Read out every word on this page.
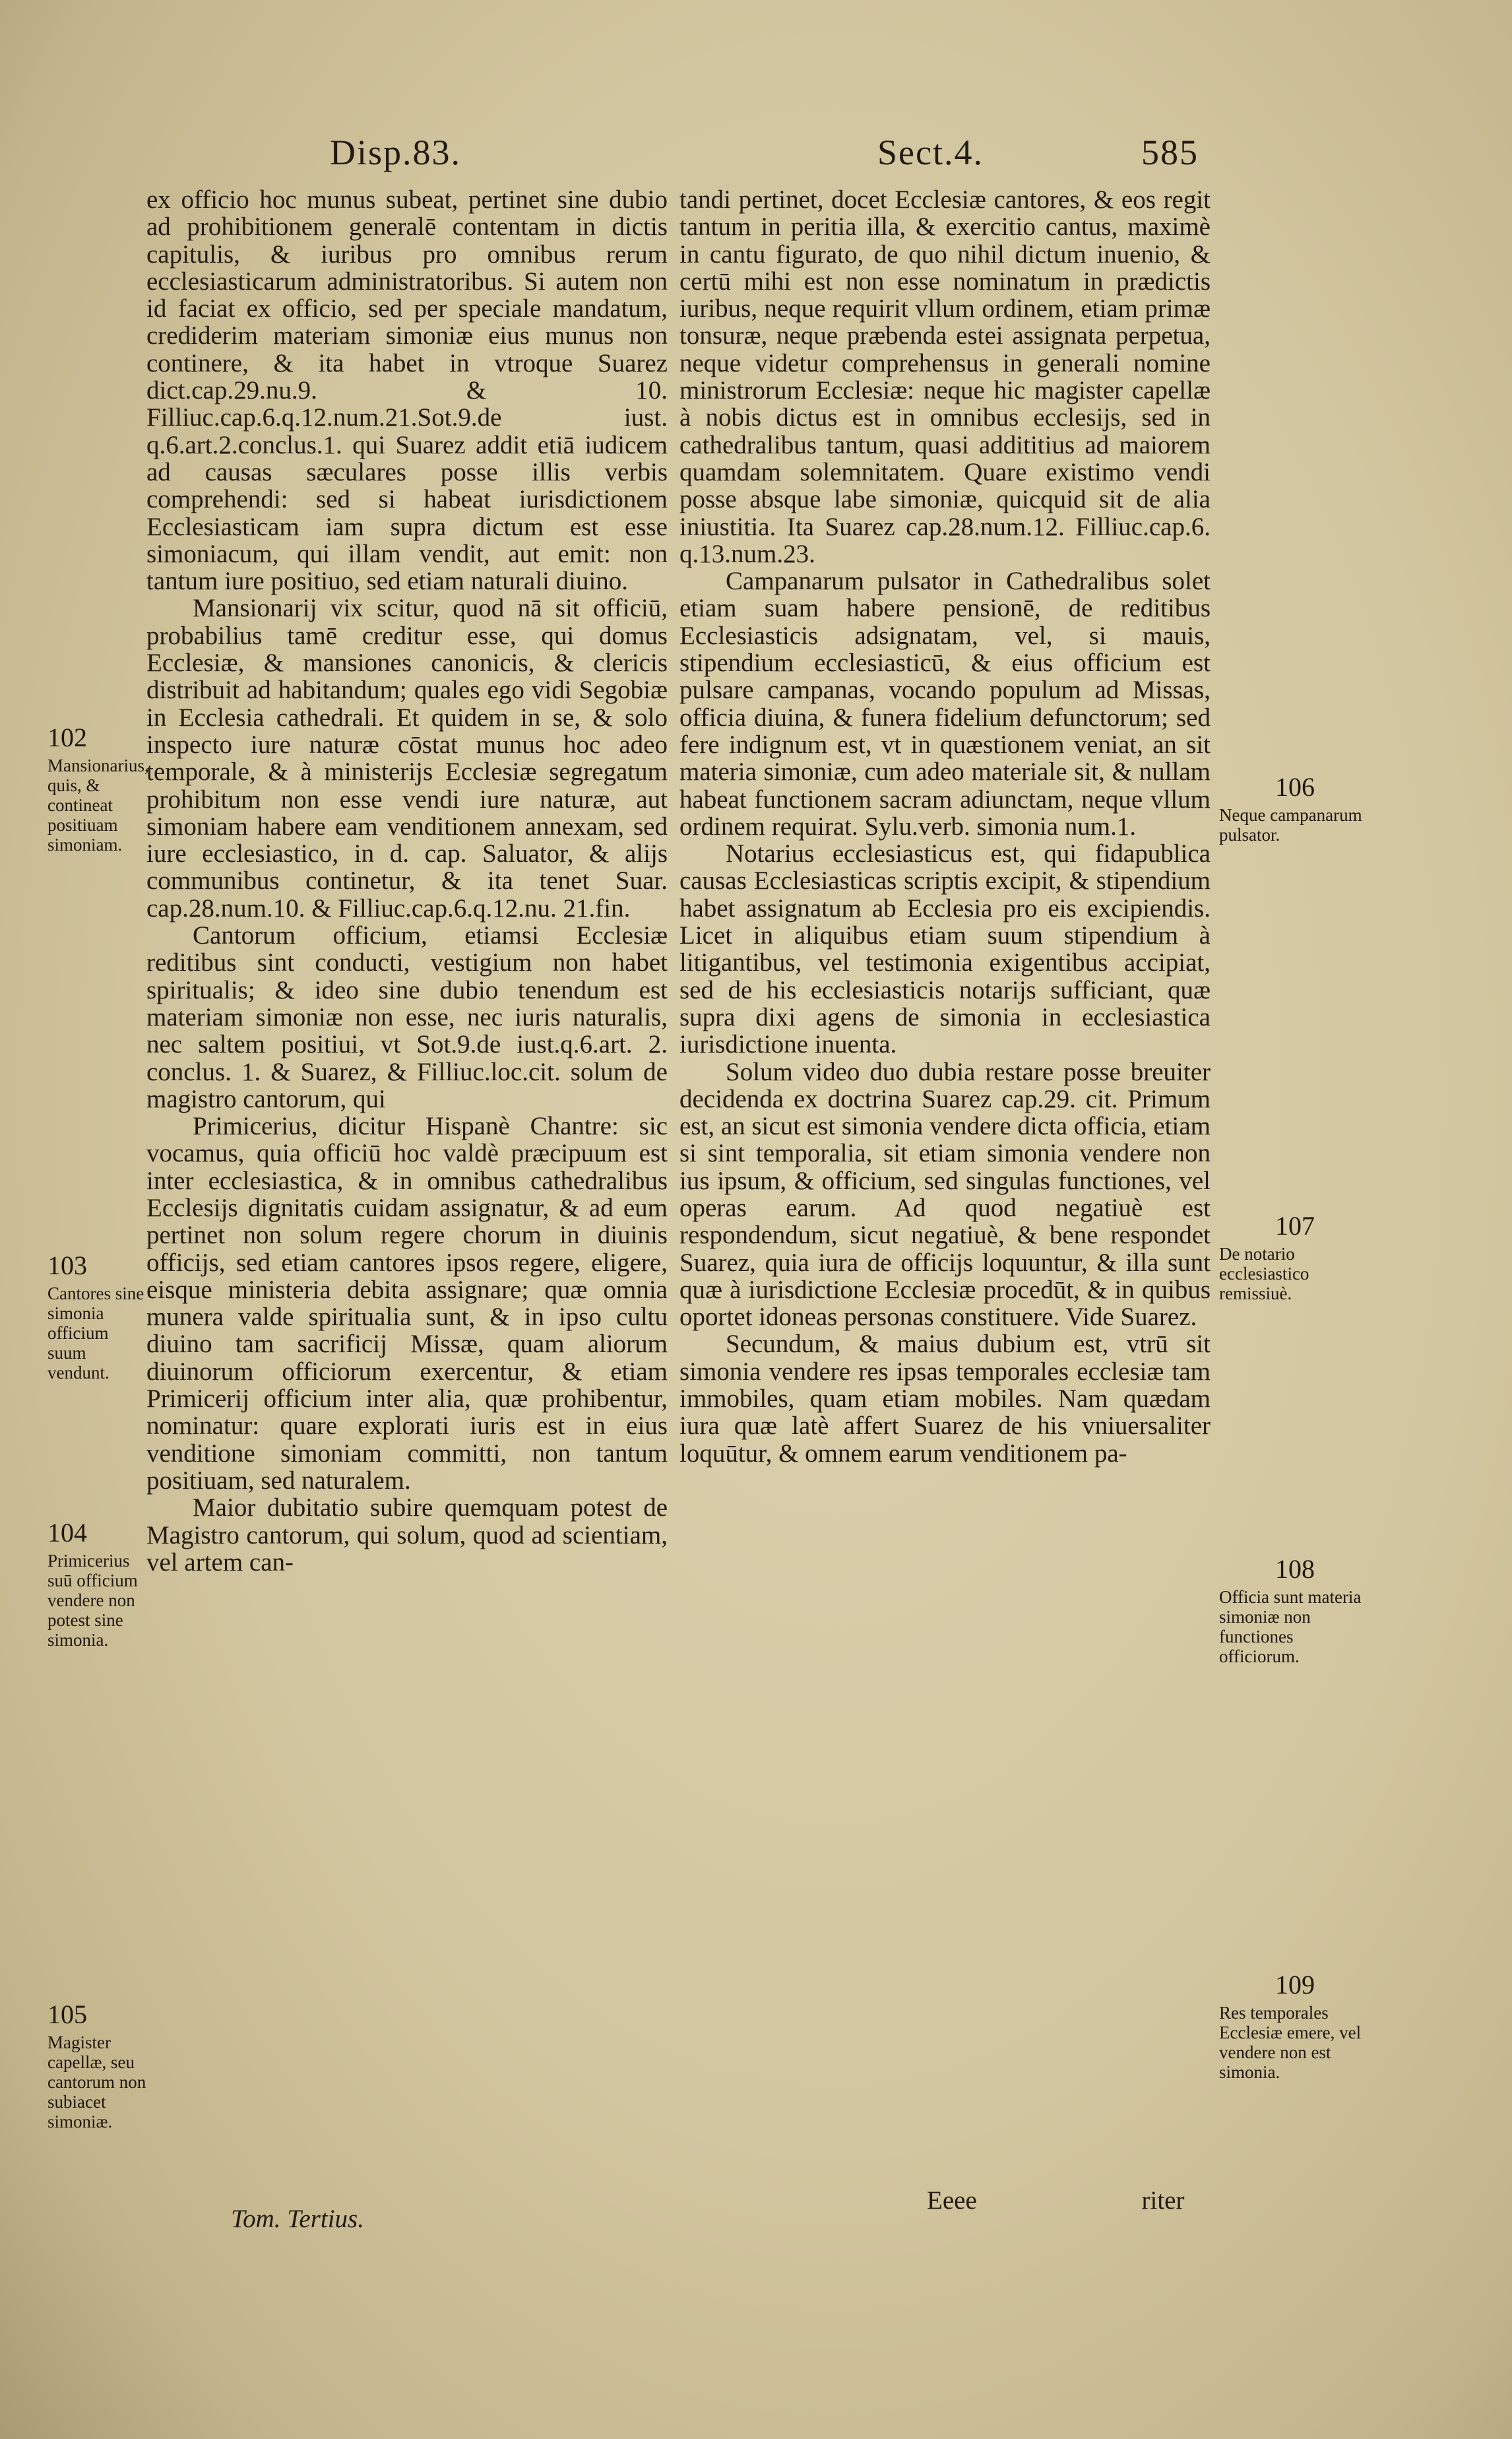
Disp.83.	Sect.4.	585

ex officio hoc munus subeat, pertinet sine dubio ad prohibitionem generalē contentam in dictis capitulis, & iuribus pro omnibus rerum ecclesiasticarum administratoribus. Si autem non id faciat ex officio, sed per speciale mandatum, crediderim materiam simoniæ eius munus non continere, & ita habet in vtroque Suarez dict.cap.29.nu.9. & 10. Filliuc.cap.6.q.12.num.21.Sot.9.de iust. q.6.art.2.conclus.1. qui Suarez addit etiā iudicem ad causas sæculares posse illis verbis comprehendi: sed si habeat iurisdictionem Ecclesiasticam iam supra dictum est esse simoniacum, qui illam vendit, aut emit: non tantum iure positiuo, sed etiam naturali diuino.

Mansionarij vix scitur, quod nā sit officiū, probabilius tamē creditur esse, qui domus Ecclesiæ, & mansiones canonicis, & clericis distribuit ad habitandum; quales ego vidi Segobiæ in Ecclesia cathedrali. Et quidem in se, & solo inspecto iure naturæ cōstat munus hoc adeo temporale, & à ministerijs Ecclesiæ segregatum prohibitum non esse vendi iure naturæ, aut simoniam habere eam venditionem annexam, sed iure ecclesiastico, in d. cap. Saluator, & alijs communibus continetur, & ita tenet Suar. cap.28.num.10. & Filliuc.cap.6.q.12.nu. 21.fin.

Cantorum officium, etiamsi Ecclesiæ reditibus sint conducti, vestigium non habet spiritualis; & ideo sine dubio tenendum est materiam simoniæ non esse, nec iuris naturalis, nec saltem positiui, vt Sot.9.de iust.q.6.art. 2. conclus. 1. & Suarez, & Filliuc.loc.cit. solum de magistro cantorum, qui

Primicerius, dicitur Hispanè Chantre: sic vocamus, quia officiū hoc valdè præcipuum est inter ecclesiastica, & in omnibus cathedralibus Ecclesijs dignitatis cuidam assignatur, & ad eum pertinet non solum regere chorum in diuinis officijs, sed etiam cantores ipsos regere, eligere, eisque ministeria debita assignare; quæ omnia munera valde spiritualia sunt, & in ipso cultu diuino tam sacrificij Missæ, quam aliorum diuinorum officiorum exercentur, & etiam Primicerij officium inter alia, quæ prohibentur, nominatur: quare explorati iuris est in eius venditione simoniam committi, non tantum positiuam, sed naturalem.

Maior dubitatio subire quemquam potest de Magistro cantorum, qui solum, quod ad scientiam, vel artem can-

tandi pertinet, docet Ecclesiæ cantores, & eos regit tantum in peritia illa, & exercitio cantus, maximè in cantu figurato, de quo nihil dictum inuenio, & certū mihi est non esse nominatum in prædictis iuribus, neque requirit vllum ordinem, etiam primæ tonsuræ, neque præbenda estei assignata perpetua, neque videtur comprehensus in generali nomine ministrorum Ecclesiæ: neque hic magister capellæ à nobis dictus est in omnibus ecclesijs, sed in cathedralibus tantum, quasi addititius ad maiorem quamdam solemnitatem. Quare existimo vendi posse absque labe simoniæ, quicquid sit de alia iniustitia. Ita Suarez cap.28.num.12. Filliuc.cap.6. q.13.num.23.

Campanarum pulsator in Cathedralibus solet etiam suam habere pensionē, de reditibus Ecclesiasticis adsignatam, vel, si mauis, stipendium ecclesiasticū, & eius officium est pulsare campanas, vocando populum ad Missas, officia diuina, & funera fidelium defunctorum; sed fere indignum est, vt in quæstionem veniat, an sit materia simoniæ, cum adeo materiale sit, & nullam habeat functionem sacram adiunctam, neque vllum ordinem requirat. Sylu.verb. simonia num.1.

Notarius ecclesiasticus est, qui fidapublica causas Ecclesiasticas scriptis excipit, & stipendium habet assignatum ab Ecclesia pro eis excipiendis. Licet in aliquibus etiam suum stipendium à litigantibus, vel testimonia exigentibus accipiat, sed de his ecclesiasticis notarijs sufficiant, quæ supra dixi agens de simonia in ecclesiastica iurisdictione inuenta.

Solum video duo dubia restare posse breuiter decidenda ex doctrina Suarez cap.29. cit. Primum est, an sicut est simonia vendere dicta officia, etiam si sint temporalia, sit etiam simonia vendere non ius ipsum, & officium, sed singulas functiones, vel operas earum. Ad quod negatiuè est respondendum, sicut negatiuè, & bene respondet Suarez, quia iura de officijs loquuntur, & illa sunt quæ à iurisdictione Ecclesiæ procedūt, & in quibus oportet idoneas personas constituere. Vide Suarez.

Secundum, & maius dubium est, vtrū sit simonia vendere res ipsas temporales ecclesiæ tam immobiles, quam etiam mobiles. Nam quædam iura quæ latè affert Suarez de his vniuersaliter loquūtur, & omnem earum venditionem pa-

102
Mansionarius, quis, & contineat positiuam simoniam.
103
Cantores sine simonia officium suum vendunt.
104
Primicerius suū officium vendere non potest sine simonia.
105
Magister capellæ, seu cantorum non subiacet simoniæ.
106
Neque campanarum pulsator.
107
De notario ecclesiastico remissiuè.
108
Officia sunt materia simoniæ non functiones officiorum.
109
Res temporales Ecclesiæ emere, vel vendere non est simonia.
Tom. Tertius.
Eeee	riter
